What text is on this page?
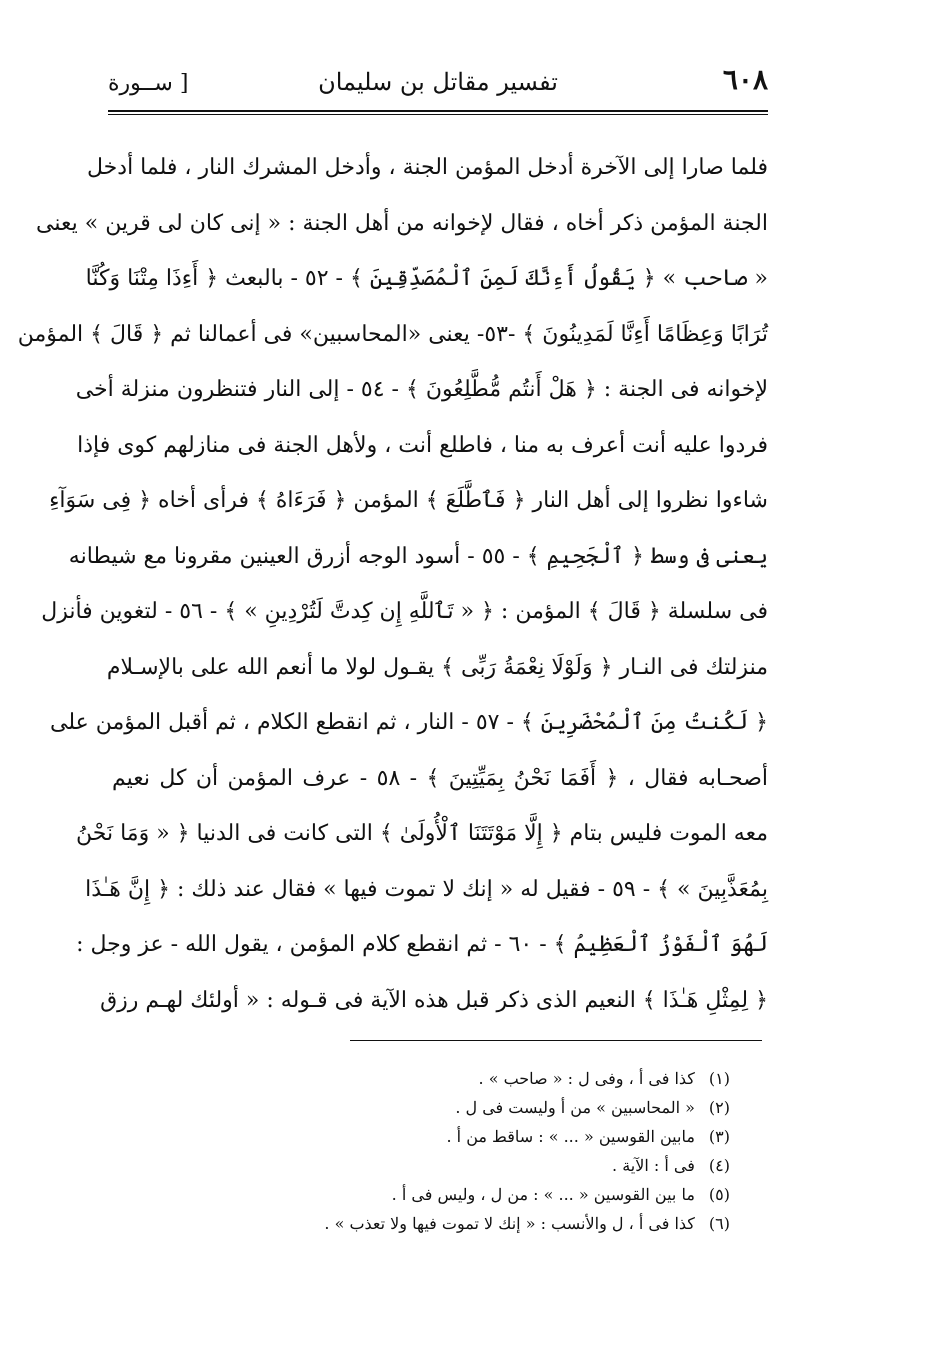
٦٠٨
تفسير مقاتل بن سليمان
[ ســورة
فلما صارا إلى الآخرة أدخل المؤمن الجنة ، وأدخل المشرك النار ، فلما أدخل
الجنة المؤمن ذكر أخاه ، فقال لإخوانه من أهل الجنة : « إنى كان لى قرين » يعنى
« صاحب » ﴿ يَقُولُ أَءِنَّكَ لَمِنَ ٱلْمُصَدِّقِينَ ﴾ - ٥٢ - بالبعث ﴿ أَءِذَا مِتْنَا وَكُنَّا
تُرَابًا وَعِظَامًا أَءِنَّا لَمَدِينُونَ ﴾ -٥٣- يعنى «المحاسبين» فى أعمالنا ثم ﴿ قَالَ ﴾ المؤمن
لإخوانه فى الجنة : ﴿ هَلْ أَنتُم مُّطَّلِعُونَ ﴾ - ٥٤ - إلى النار فتنظرون منزلة أخى
فردوا عليه أنت أعرف به منا ، فاطلع أنت ، ولأهل الجنة فى منازلهم كوى فإذا
شاءوا نظروا إلى أهل النار ﴿ فَٱطَّلَعَ ﴾ المؤمن ﴿ فَرَءَاهُ ﴾ فرأى أخاه ﴿ فِى سَوَآءِ
يعنى فى وسط ﴿ ٱلْجَحِيمِ ﴾ - ٥٥ - أسود الوجه أزرق العينين مقرونا مع شيطانه
فى سلسلة ﴿ قَالَ ﴾ المؤمن : ﴿ « تَٱللَّهِ إِن كِدتَّ لَتُرْدِينِ » ﴾ - ٥٦ - لتغوين فأنزل
منزلتك فى النـار ﴿ وَلَوْلَا نِعْمَةُ رَبِّى ﴾ يقـول لولا ما أنعم الله على بالإسـلام
﴿ لَكُنتُ مِنَ ٱلْمُحْضَرِينَ ﴾ - ٥٧ - النار ، ثم انقطع الكلام ، ثم أقبل المؤمن على
أصحـابه فقال ، ﴿ أَفَمَا نَحْنُ بِمَيِّتِينَ ﴾ - ٥٨ - عرف المؤمن أن كل نعيم
معه الموت فليس بتام ﴿ إِلَّا مَوْتَتَنَا ٱلْأُولَىٰ ﴾ التى كانت فى الدنيا ﴿ « وَمَا نَحْنُ
بِمُعَذَّبِينَ » ﴾ - ٥٩ - فقيل له « إنك لا تموت فيها » فقال عند ذلك : ﴿ إِنَّ هَـٰذَا
لَهُوَ ٱلْفَوْزُ ٱلْعَظِيمُ ﴾ - ٦٠ - ثم انقطع كلام المؤمن ، يقول الله - عز وجل :
﴿ لِمِثْلِ هَـٰذَا ﴾ النعيم الذى ذكر قبل هذه الآية فى قـوله : « أولئك لهـم رزق
(١) كذا فى أ ، وفى ل : « صاحب » .
(٢) « المحاسبين » من أ وليست فى ل .
(٣) مابين القوسين « ... » : ساقط من أ .
(٤) فى أ : الآية .
(٥) ما بين القوسين « ... » : من ل ، وليس فى أ .
(٦) كذا فى أ ، ل والأنسب : « إنك لا تموت فيها ولا تعذب » .
